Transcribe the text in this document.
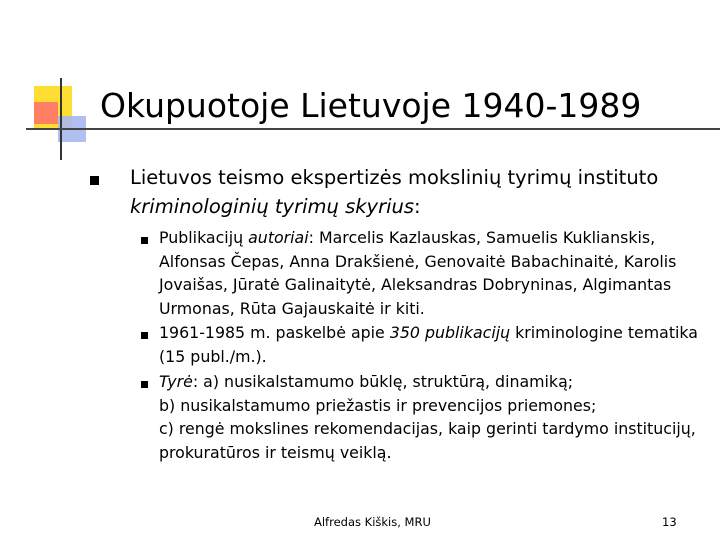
Okupuotoje Lietuvoje 1940-1989
Lietuvos teismo ekspertizės mokslinių tyrimų instituto kriminologinių tyrimų skyrius:
Publikacijų autoriai: Marcelis Kazlauskas, Samuelis Kuklianskis, Alfonsas Čepas, Anna Drakšienė, Genovaitė Babachinaitė, Karolis Jovaišas, Jūratė Galinaitytė, Aleksandras Dobryninas, Algimantas Urmonas, Rūta Gajauskaitė ir kiti.
1961-1985 m. paskelbė apie 350 publikacijų kriminologine tematika (15 publ./m.).
Tyrė: a) nusikalstamumo būklę, struktūrą, dinamiką;
b) nusikalstamumo priežastis ir prevencijos priemones;
c) rengė mokslines rekomendacijas, kaip gerinti tardymo institucijų, prokuratūros ir teismų veiklą.
Alfredas Kiškis, MRU	13
